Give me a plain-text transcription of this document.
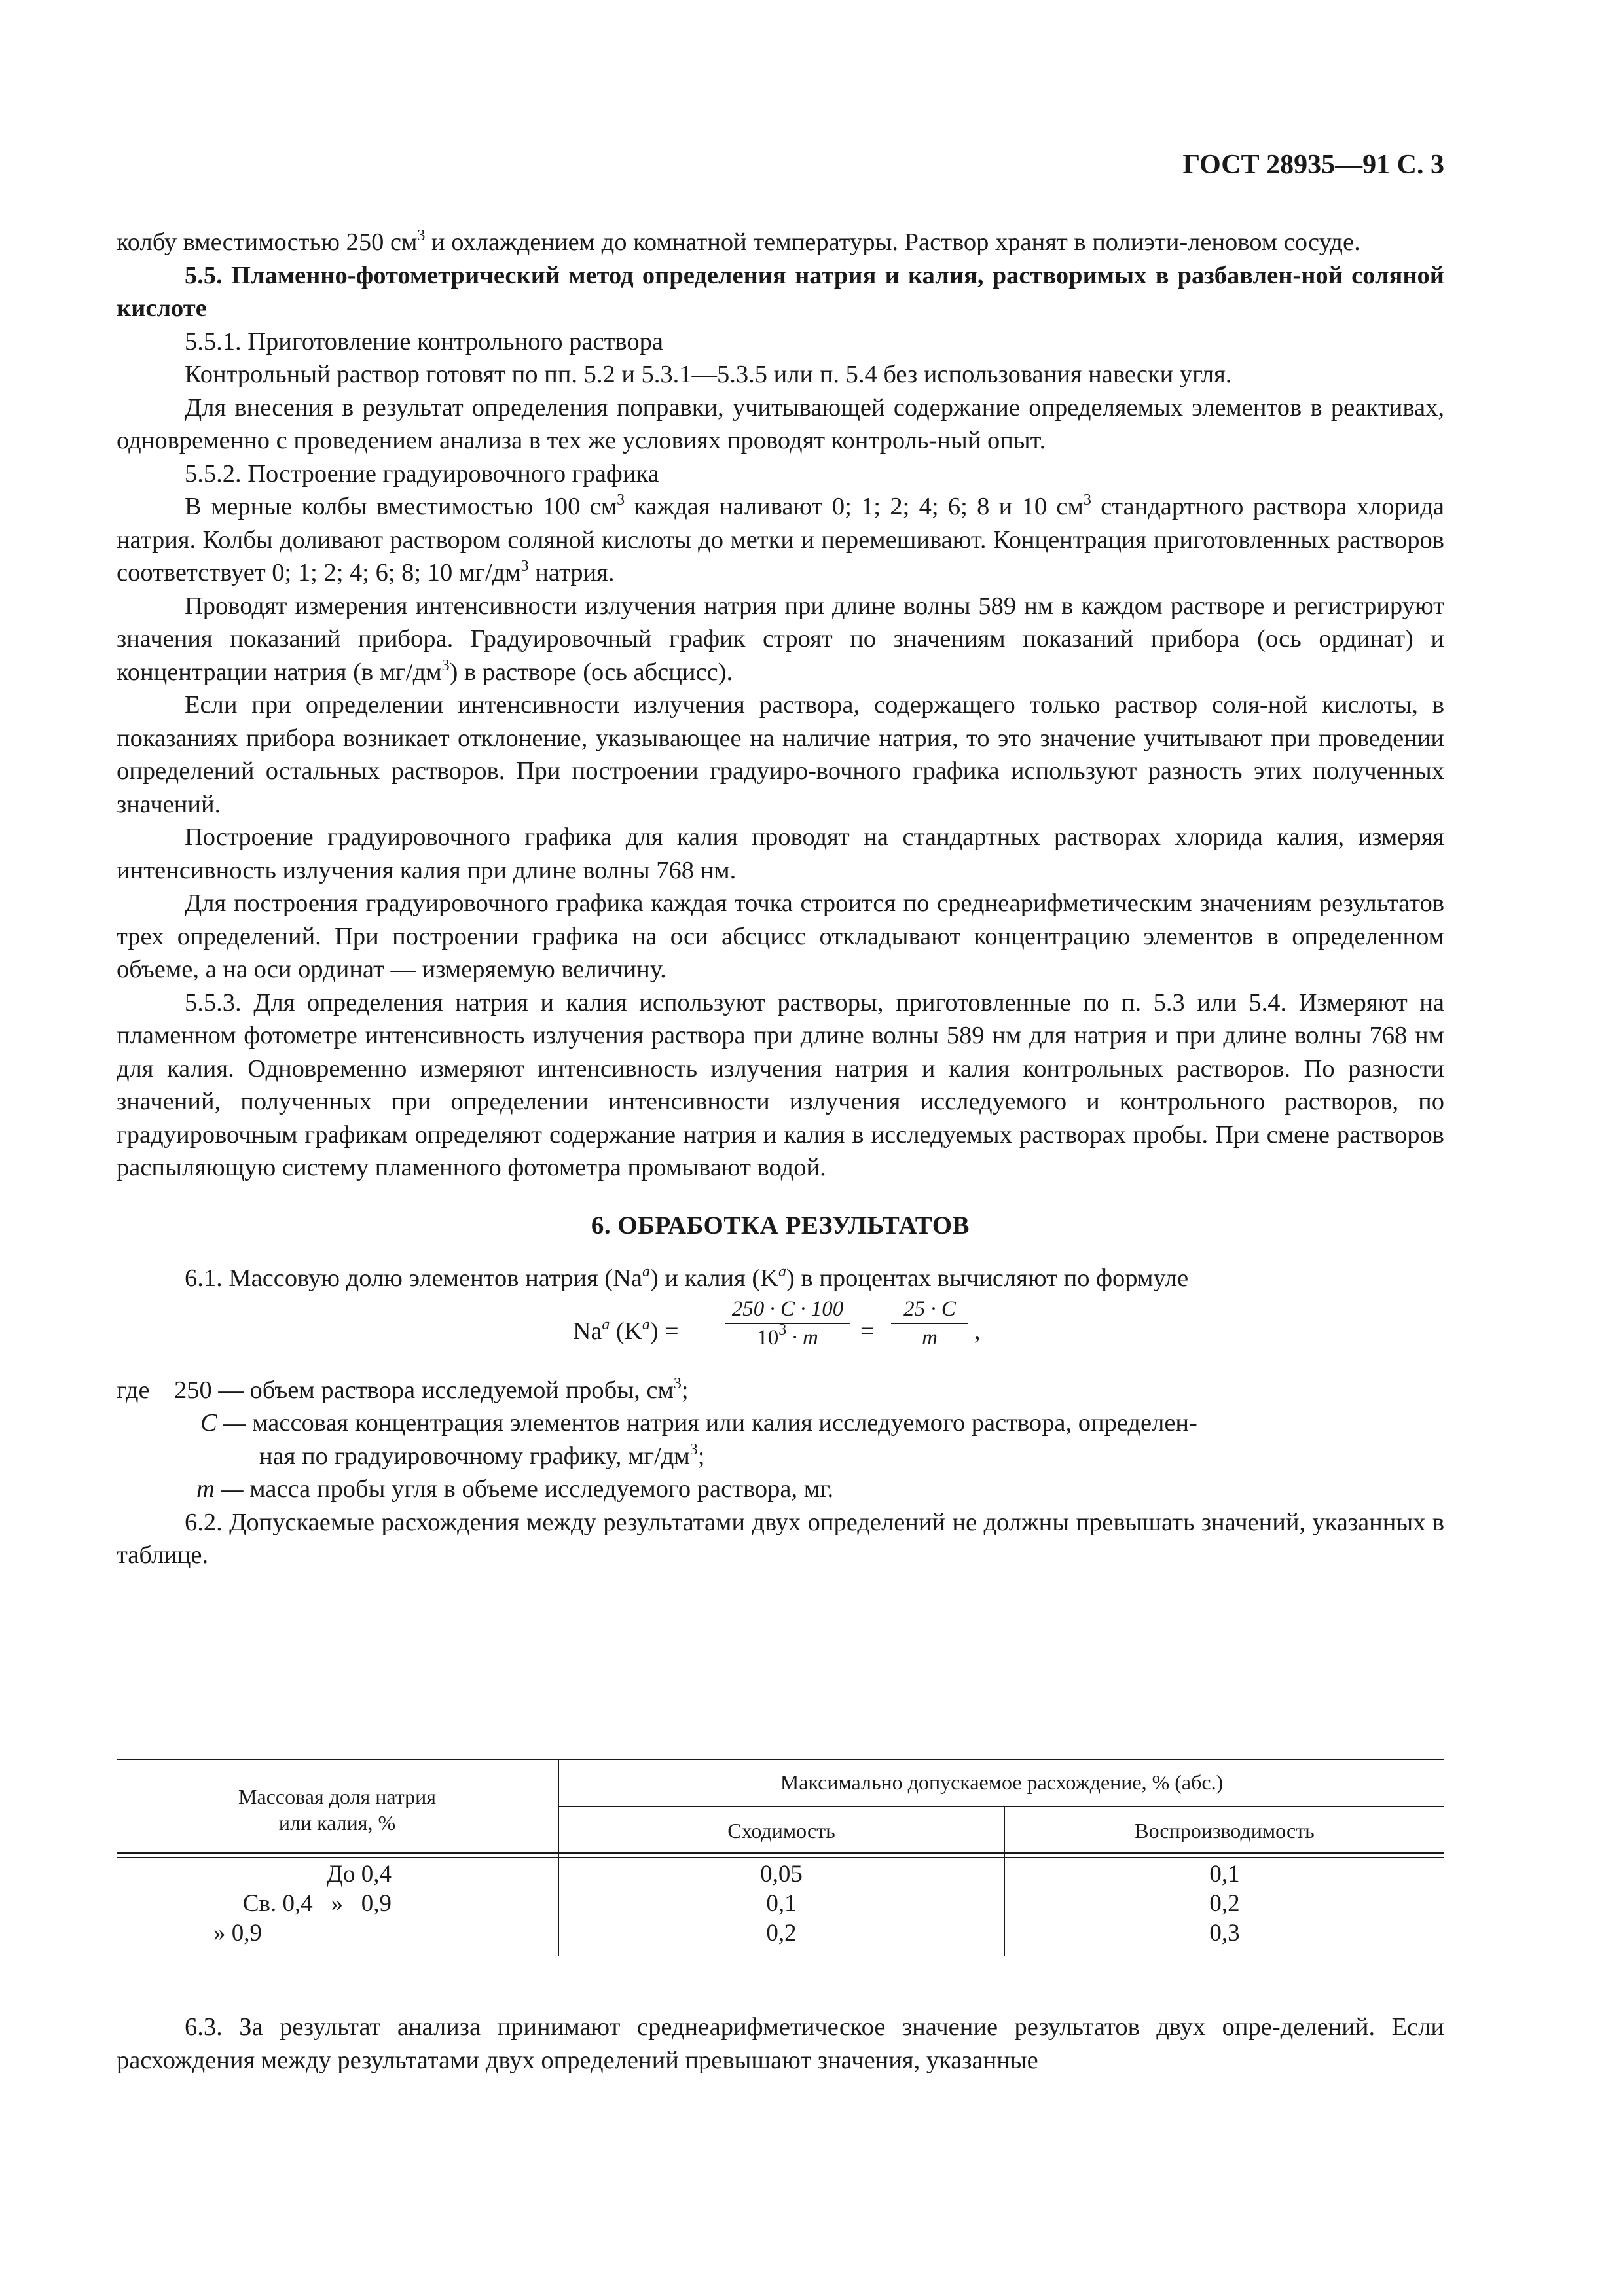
ГОСТ 28935—91 С. 3

колбу вместимостью 250 $см^3$ и охлаждением до комнатной температуры. Раствор хранят в полиэти-леновом сосуде.

5.5. Пламенно-фотометрический метод определения натрия и калия, растворимых в разбавлен-ной соляной кислоте

5.5.1. Приготовление контрольного раствора

Контрольный раствор готовят по пп. 5.2 и 5.3.1—5.3.5 или п. 5.4 без использования навески угля.

Для внесения в результат определения поправки, учитывающей содержание определяемых элементов в реактивах, одновременно с проведением анализа в тех же условиях проводят контроль-ный опыт.

5.5.2. Построение градуировочного графика

В мерные колбы вместимостью 100 $см^3$ каждая наливают 0; 1; 2; 4; 6; 8 и 10 $см^3$ стандартного раствора хлорида натрия. Колбы доливают раствором соляной кислоты до метки и перемешивают. Концентрация приготовленных растворов соответствует 0; 1; 2; 4; 6; 8; 10 $мг/дм^3$ натрия.

Проводят измерения интенсивности излучения натрия при длине волны 589 нм в каждом растворе и регистрируют значения показаний прибора. Градуировочный график строят по значениям показаний прибора (ось ординат) и концентрации натрия (в $мг/дм^3$) в растворе (ось абсцисс).

Если при определении интенсивности излучения раствора, содержащего только раствор соля-ной кислоты, в показаниях прибора возникает отклонение, указывающее на наличие натрия, то это значение учитывают при проведении определений остальных растворов. При построении градуиро-вочного графика используют разность этих полученных значений.

Построение градуировочного графика для калия проводят на стандартных растворах хлорида калия, измеряя интенсивность излучения калия при длине волны 768 нм.

Для построения градуировочного графика каждая точка строится по среднеарифметическим значениям результатов трех определений. При построении графика на оси абсцисс откладывают концентрацию элементов в определенном объеме, а на оси ординат — измеряемую величину.

5.5.3. Для определения натрия и калия используют растворы, приготовленные по п. 5.3 или 5.4. Измеряют на пламенном фотометре интенсивность излучения раствора при длине волны 589 нм для натрия и при длине волны 768 нм для калия. Одновременно измеряют интенсивность излучения натрия и калия контрольных растворов. По разности значений, полученных при определении интенсивности излучения исследуемого и контрольного растворов, по градуировочным графикам определяют содержание натрия и калия в исследуемых растворах пробы. При смене растворов распыляющую систему пламенного фотометра промывают водой.

6. ОБРАБОТКА РЕЗУЛЬТАТОВ

6.1. Массовую долю элементов натрия (Na$^a$) и калия $(K^a)$ в процентах вычисляют по формуле

Na$^a$ $(K^a) = \frac{250 \cdot C \cdot 100}{10^3 \cdot m} = \frac{25 \cdot C}{m}$ ,
где 250 — объем раствора исследуемой пробы, $см^3$;
C — массовая концентрация элементов натрия или калия исследуемого раствора, определен-
ная по градуировочному графику, $мг/дм^3$;
m — масса пробы угля в объеме исследуемого раствора, мг.

6.2. Допускаемые расхождения между результатами двух определений не должны превышать значений, указанных в таблице.

Массовая доля натрия
или калия, %
Максимально допускаемое расхождение, % (абс.)
Сходимость	Воспроизводимость
До 0,4	0,05	0,1
Св. 0,4   »   0,9	0,1	0,2
» 0,9	0,2	0,3

6.3. За результат анализа принимают среднеарифметическое значение результатов двух опре-делений. Если расхождения между результатами двух определений превышают значения, указанные
